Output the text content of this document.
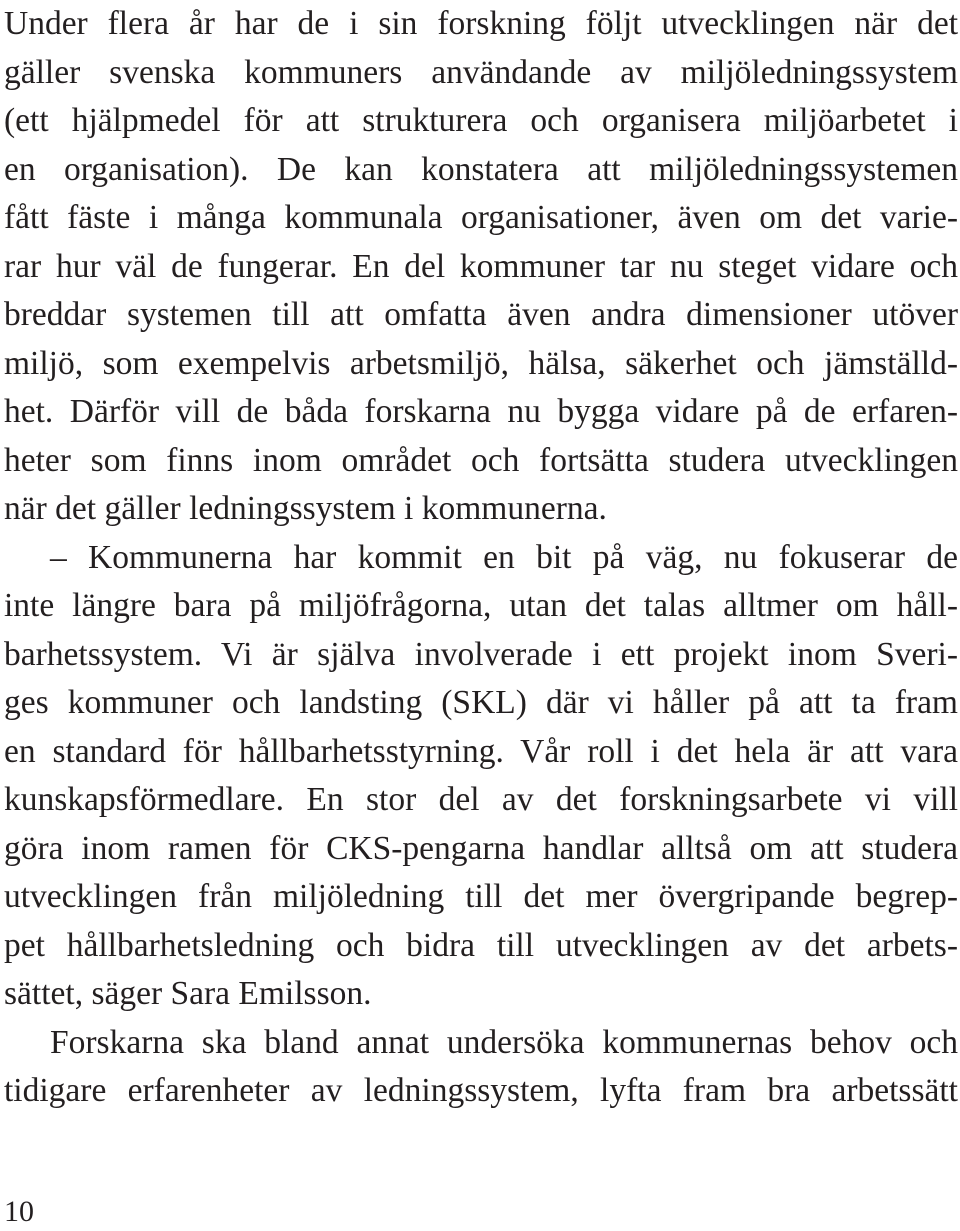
Under flera år har de i sin forskning följt utvecklingen när det
gäller svenska kommuners användande av miljöledningssystem
(ett hjälpmedel för att strukturera och organisera miljöarbetet i
en organisation). De kan konstatera att miljöledningssystemen
fått fäste i många kommunala organisationer, även om det varie-
rar hur väl de fungerar. En del kommuner tar nu steget vidare och
breddar systemen till att omfatta även andra dimensioner utöver
miljö, som exempelvis arbetsmiljö, hälsa, säkerhet och jämställd-
het. Därför vill de båda forskarna nu bygga vidare på de erfaren-
heter som finns inom området och fortsätta studera utvecklingen
när det gäller ledningssystem i kommunerna.
– Kommunerna har kommit en bit på väg, nu fokuserar de
inte längre bara på miljöfrågorna, utan det talas alltmer om håll-
barhetssystem. Vi är själva involverade i ett projekt inom Sveri-
ges kommuner och landsting (SKL) där vi håller på att ta fram
en standard för hållbarhetsstyrning. Vår roll i det hela är att vara
kunskapsförmedlare. En stor del av det forskningsarbete vi vill
göra inom ramen för CKS-pengarna handlar alltså om att studera
utvecklingen från miljöledning till det mer övergripande begrep-
pet hållbarhetsledning och bidra till utvecklingen av det arbets-
sättet, säger Sara Emilsson.
Forskarna ska bland annat undersöka kommunernas behov och
tidigare erfarenheter av ledningssystem, lyfta fram bra arbetssätt
10
